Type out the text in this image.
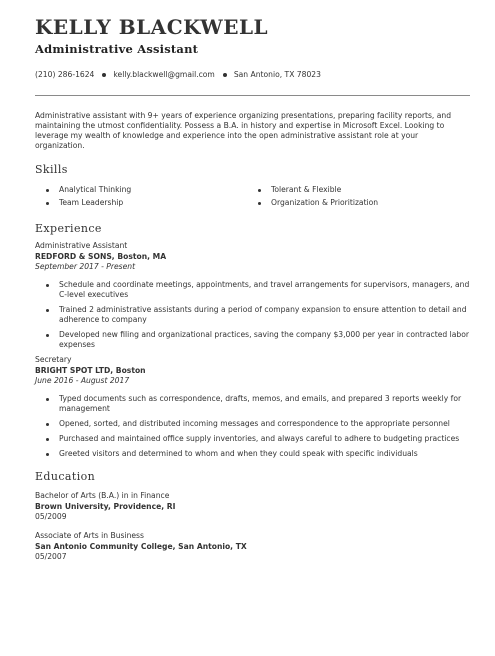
KELLY BLACKWELL
Administrative Assistant
(210) 286-1624	kelly.blackwell@gmail.com	San Antonio, TX 78023

Administrative assistant with 9+ years of experience organizing presentations, preparing facility reports, and maintaining the utmost confidentiality. Possess a B.A. in history and expertise in Microsoft Excel. Looking to leverage my wealth of knowledge and experience into the open administrative assistant role at your organization.

Skills
Analytical Thinking	Tolerant & Flexible
Team Leadership	Organization & Prioritization
Experience
Administrative Assistant
REDFORD & SONS, Boston, MA
September 2017 - Present
Schedule and coordinate meetings, appointments, and travel arrangements for supervisors, managers, and C-level executives
Trained 2 administrative assistants during a period of company expansion to ensure attention to detail and adherence to company
Developed new filing and organizational practices, saving the company $3,000 per year in contracted labor expenses
Secretary
BRIGHT SPOT LTD, Boston
June 2016 - August 2017
Typed documents such as correspondence, drafts, memos, and emails, and prepared 3 reports weekly for management
Opened, sorted, and distributed incoming messages and correspondence to the appropriate personnel
Purchased and maintained office supply inventories, and always careful to adhere to budgeting practices
Greeted visitors and determined to whom and when they could speak with specific individuals
Education
Bachelor of Arts (B.A.) in in Finance
Brown University, Providence, RI
05/2009
Associate of Arts in Business
San Antonio Community College, San Antonio, TX
05/2007
